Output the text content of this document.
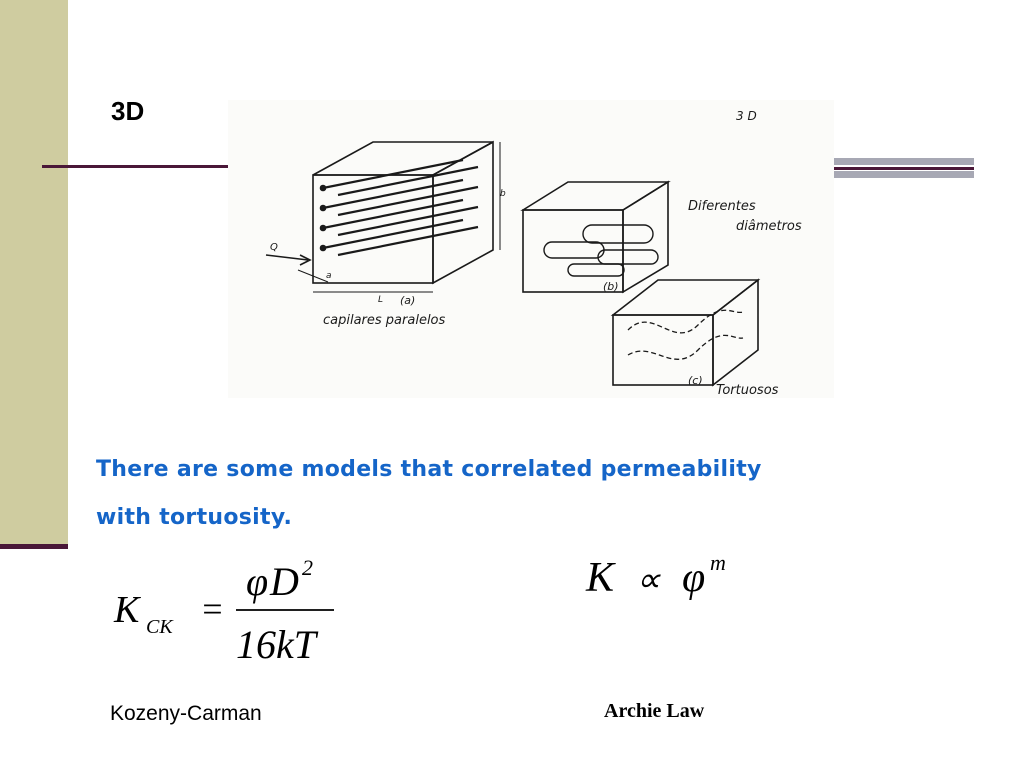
3D	3 D
b
a
L
Q
(a)
capilares paralelos
(b)
Diferentes
diâmetros
(c)
Tortuosos
There are some models that correlated permeability
with tortuosity.
K CK =
φ D 2
16kT
K ∝ φ m
Kozeny-Carman	Archie Law
